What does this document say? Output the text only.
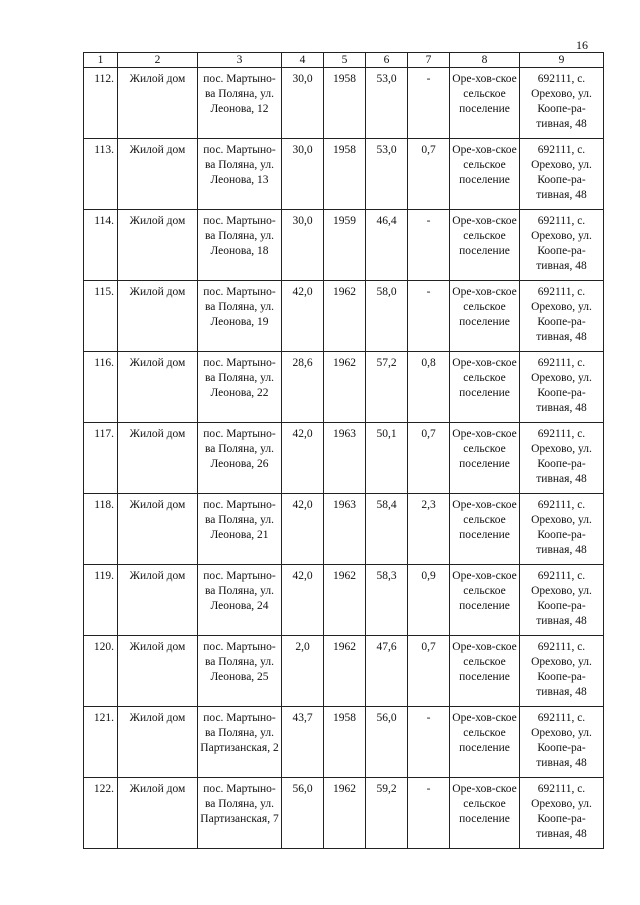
16
1	2	3	4	5	6	7	8	9
112.	Жилой дом	пос. Мартыно-ва Поляна, ул. Леонова, 12	30,0	1958	53,0	-	Оре-хов-ское сельское поселение	692111, с. Орехово, ул. Коопе-ра-тивная, 48
113.	Жилой дом	пос. Мартыно-ва Поляна, ул. Леонова, 13	30,0	1958	53,0	0,7	Оре-хов-ское сельское поселение	692111, с. Орехово, ул. Коопе-ра-тивная, 48
114.	Жилой дом	пос. Мартыно-ва Поляна, ул. Леонова, 18	30,0	1959	46,4	-	Оре-хов-ское сельское поселение	692111, с. Орехово, ул. Коопе-ра-тивная, 48
115.	Жилой дом	пос. Мартыно-ва Поляна, ул. Леонова, 19	42,0	1962	58,0	-	Оре-хов-ское сельское поселение	692111, с. Орехово, ул. Коопе-ра-тивная, 48
116.	Жилой дом	пос. Мартыно-ва Поляна, ул. Леонова, 22	28,6	1962	57,2	0,8	Оре-хов-ское сельское поселение	692111, с. Орехово, ул. Коопе-ра-тивная, 48
117.	Жилой дом	пос. Мартыно-ва Поляна, ул. Леонова, 26	42,0	1963	50,1	0,7	Оре-хов-ское сельское поселение	692111, с. Орехово, ул. Коопе-ра-тивная, 48
118.	Жилой дом	пос. Мартыно-ва Поляна, ул. Леонова, 21	42,0	1963	58,4	2,3	Оре-хов-ское сельское поселение	692111, с. Орехово, ул. Коопе-ра-тивная, 48
119.	Жилой дом	пос. Мартыно-ва Поляна, ул. Леонова, 24	42,0	1962	58,3	0,9	Оре-хов-ское сельское поселение	692111, с. Орехово, ул. Коопе-ра-тивная, 48
120.	Жилой дом	пос. Мартыно-ва Поляна, ул. Леонова, 25	2,0	1962	47,6	0,7	Оре-хов-ское сельское поселение	692111, с. Орехово, ул. Коопе-ра-тивная, 48
121.	Жилой дом	пос. Мартыно-ва Поляна, ул. Партизанская, 2	43,7	1958	56,0	-	Оре-хов-ское сельское поселение	692111, с. Орехово, ул. Коопе-ра-тивная, 48
122.	Жилой дом	пос. Мартыно-ва Поляна, ул. Партизанская, 7	56,0	1962	59,2	-	Оре-хов-ское сельское поселение	692111, с. Орехово, ул. Коопе-ра-тивная, 48
